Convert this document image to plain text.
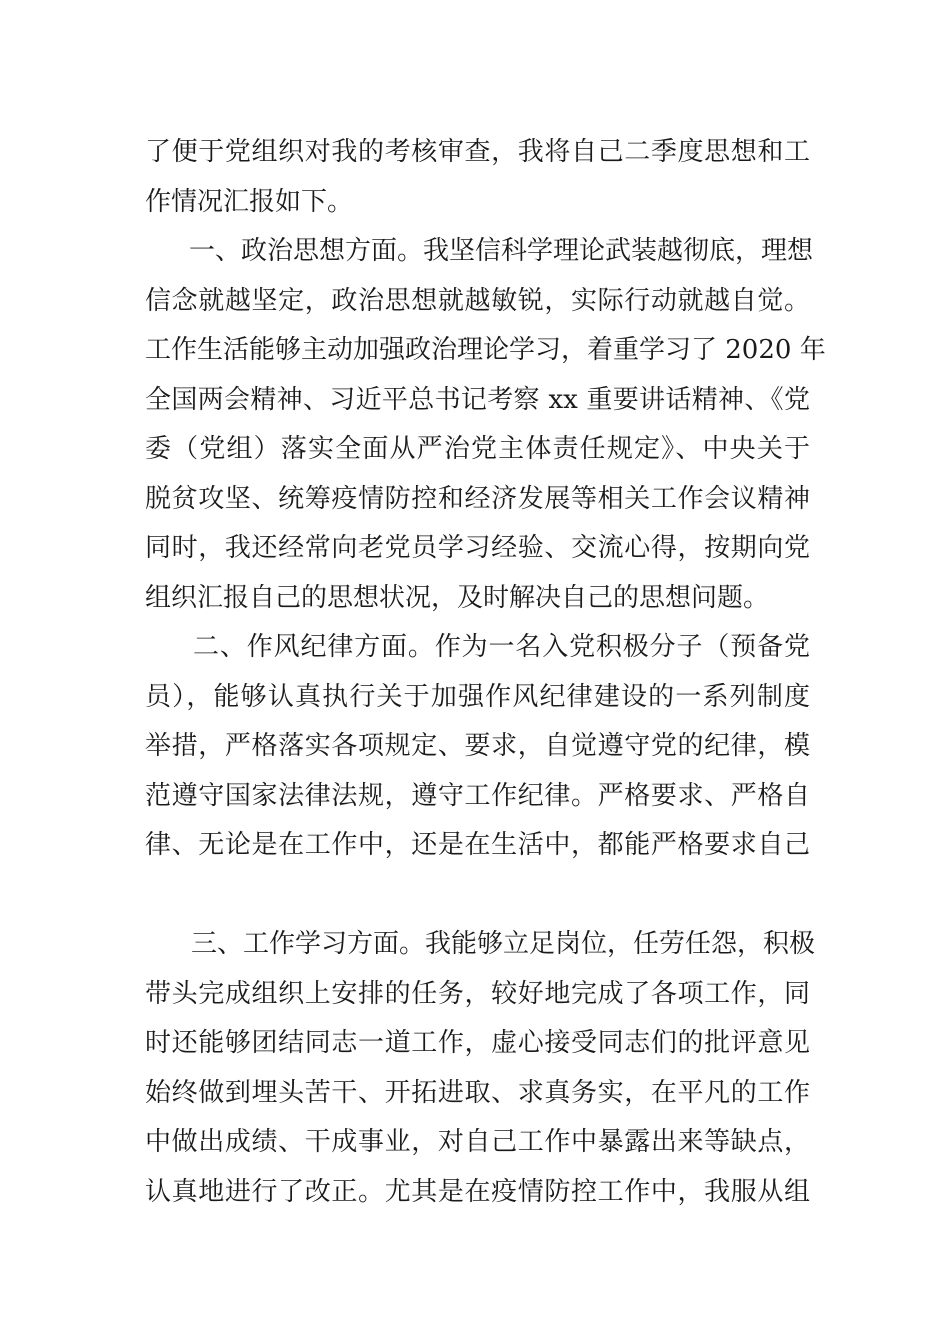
了便于党组织对我的考核审查，我将自己二季度思想和工
作情况汇报如下。
一、政治思想方面。我坚信科学理论武装越彻底，理想
信念就越坚定，政治思想就越敏锐，实际行动就越自觉。
工作生活能够主动加强政治理论学习，着重学习了 2020 年
全国两会精神、习近平总书记考察 xx 重要讲话精神、《党
委（党组）落实全面从严治党主体责任规定》、中央关于
脱贫攻坚、统筹疫情防控和经济发展等相关工作会议精神
同时，我还经常向老党员学习经验、交流心得，按期向党
组织汇报自己的思想状况，及时解决自己的思想问题。
二、作风纪律方面。作为一名入党积极分子（预备党
员），能够认真执行关于加强作风纪律建设的一系列制度
举措，严格落实各项规定、要求，自觉遵守党的纪律，模
范遵守国家法律法规，遵守工作纪律。严格要求、严格自
律、无论是在工作中，还是在生活中，都能严格要求自己
三、工作学习方面。我能够立足岗位，任劳任怨，积极
带头完成组织上安排的任务，较好地完成了各项工作，同
时还能够团结同志一道工作，虚心接受同志们的批评意见
始终做到埋头苦干、开拓进取、求真务实，在平凡的工作
中做出成绩、干成事业，对自己工作中暴露出来等缺点，
认真地进行了改正。尤其是在疫情防控工作中，我服从组
